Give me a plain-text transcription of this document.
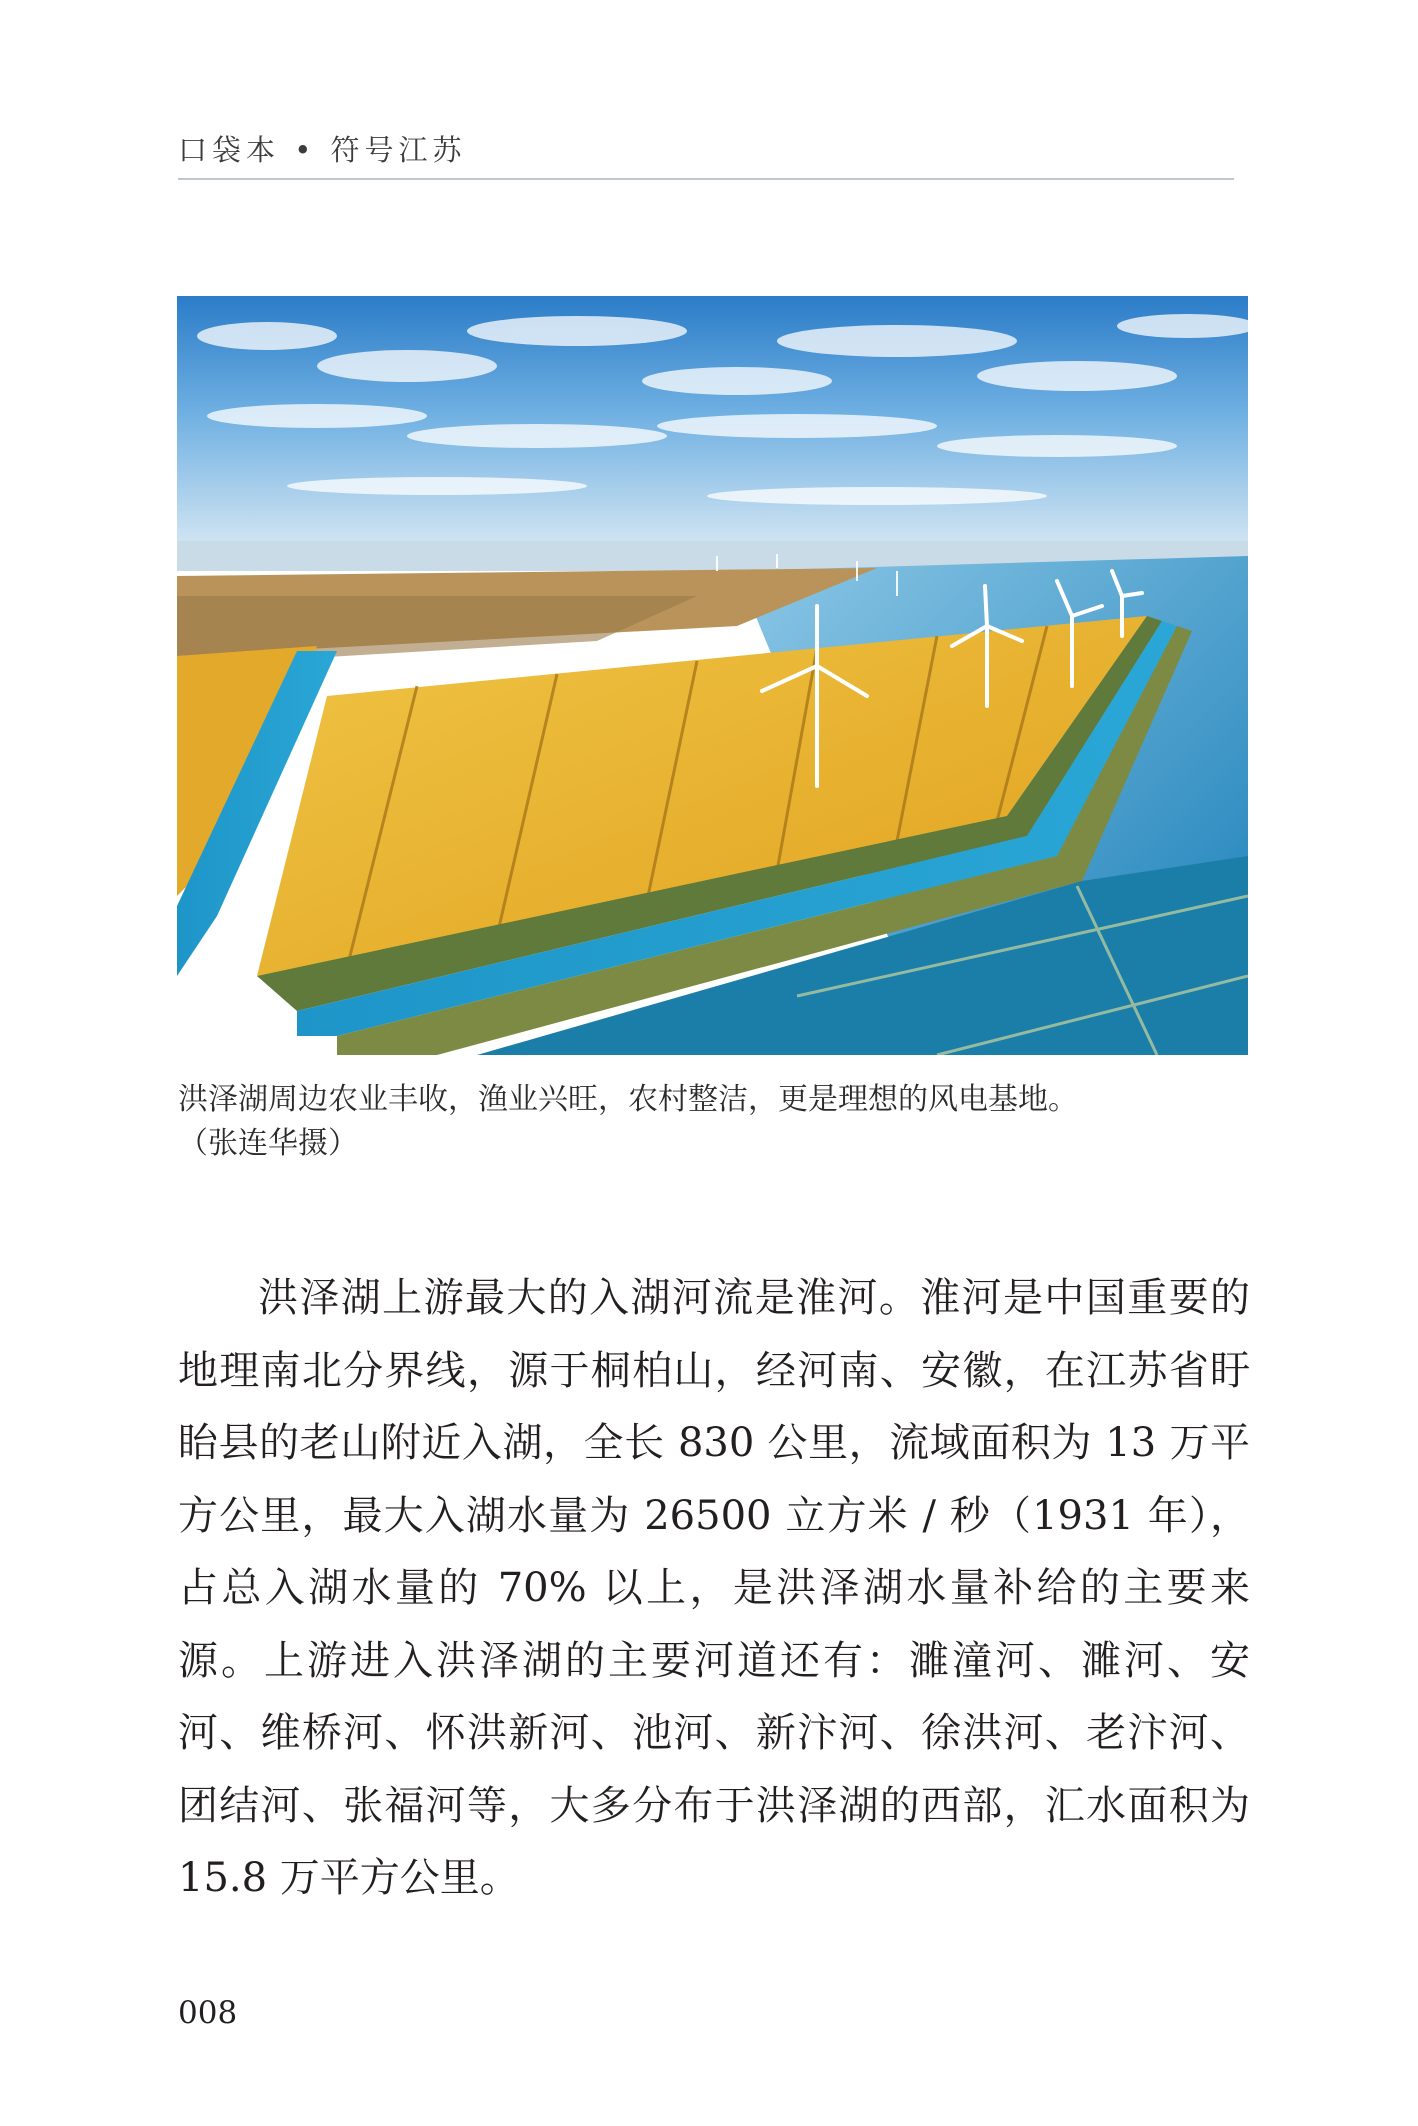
口袋本 • 符号江苏

洪泽湖周边农业丰收，渔业兴旺，农村整洁，更是理想的风电基地。

（张连华摄）

洪泽湖上游最大的入湖河流是淮河。淮河是中国重要的地理南北分界线，源于桐柏山，经河南、安徽，在江苏省盱眙县的老山附近入湖，全长 830 公里，流域面积为 13 万平方公里，最大入湖水量为 26500 立方米 / 秒（1931 年），占总入湖水量的 70% 以上，是洪泽湖水量补给的主要来源。上游进入洪泽湖的主要河道还有：濉潼河、濉河、安河、维桥河、怀洪新河、池河、新汴河、徐洪河、老汴河、团结河、张福河等，大多分布于洪泽湖的西部，汇水面积为 15.8 万平方公里。

008
